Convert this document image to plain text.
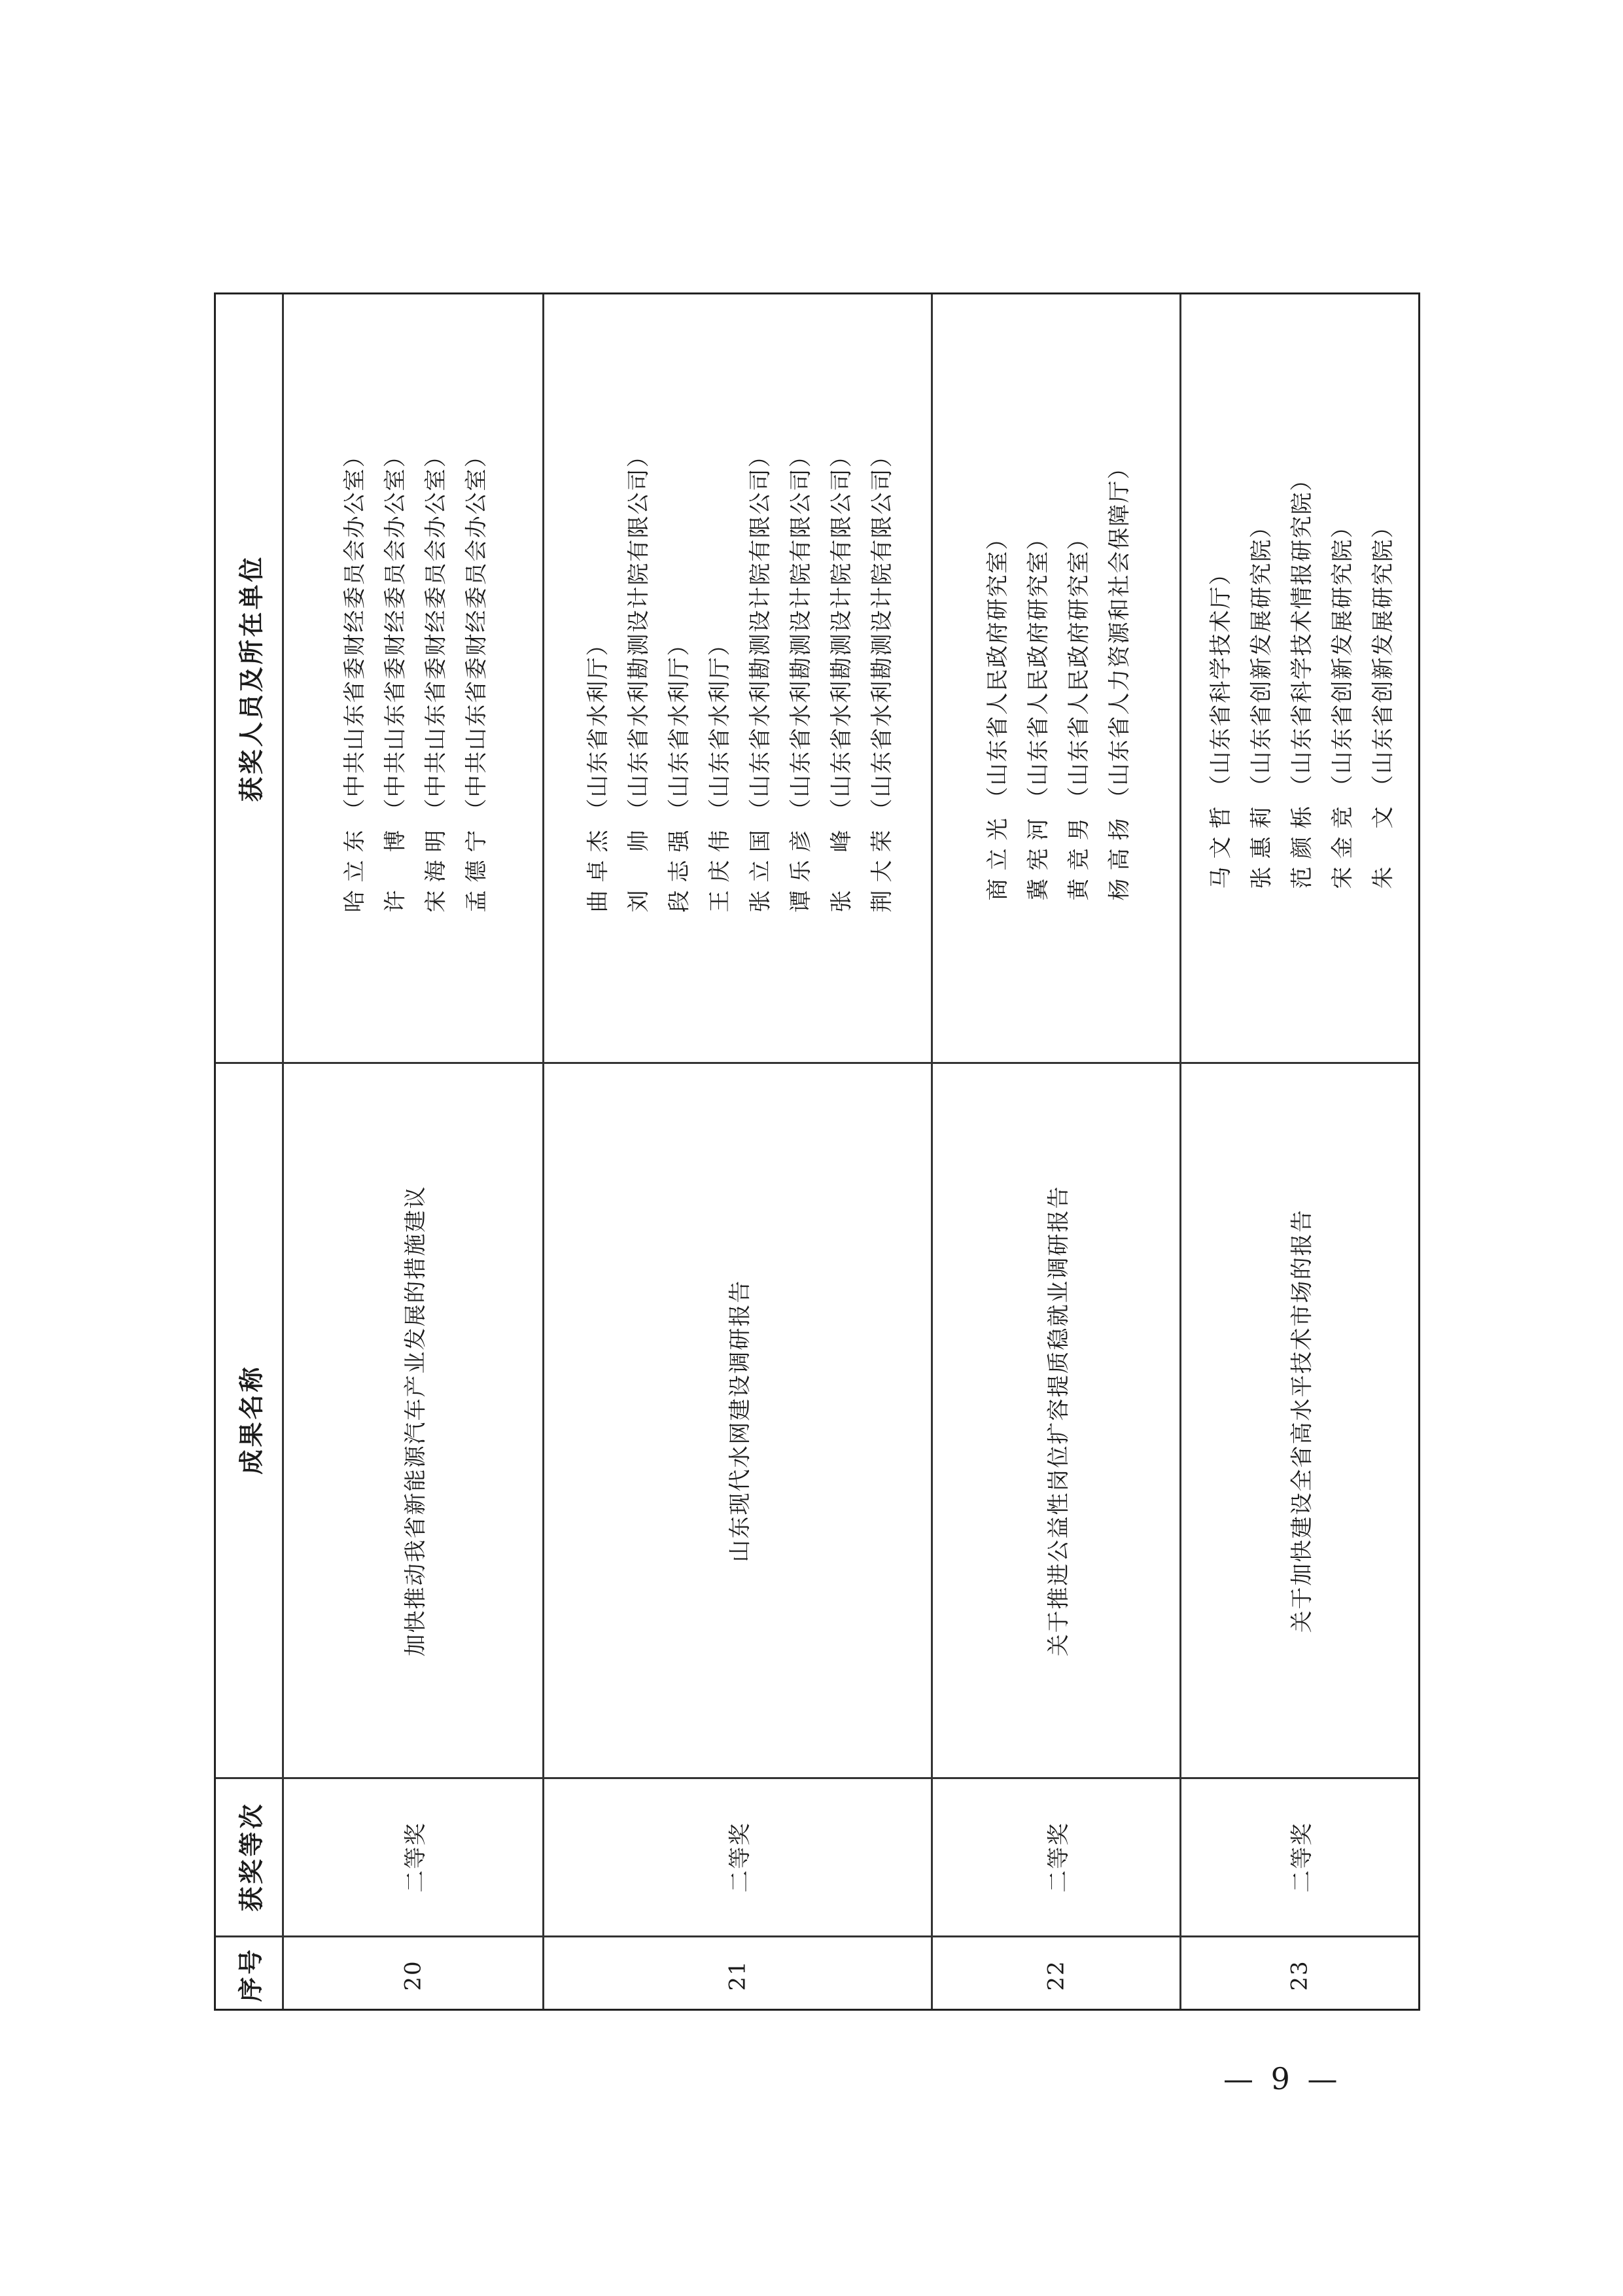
获奖人员及所在单位
成果名称
获奖等次
序号
哈立东
（中共山东省委财经委员会办公室）
许 博
（中共山东省委财经委员会办公室）
宋海明
（中共山东省委财经委员会办公室）
孟德宁
（中共山东省委财经委员会办公室）
加快推动我省新能源汽车产业发展的措施建议
二等奖
20
曲卓杰
（山东省水利厅）
刘 帅
（山东省水利勘测设计院有限公司）
段志强
（山东省水利厅）
王庆伟
（山东省水利厅）
张立国
（山东省水利勘测设计院有限公司）
谭乐彦
（山东省水利勘测设计院有限公司）
张 峰
（山东省水利勘测设计院有限公司）
荆大荣
（山东省水利勘测设计院有限公司）
山东现代水网建设调研报告
二等奖
21
商立光
（山东省人民政府研究室）
冀宪河
（山东省人民政府研究室）
黄竞男
（山东省人民政府研究室）
杨高扬
（山东省人力资源和社会保障厅）
关于推进公益性岗位扩容提质稳就业调研报告
二等奖
22
马文哲
（山东省科学技术厅）
张惠莉
（山东省创新发展研究院）
范颜栎
（山东省科学技术情报研究院）
宋金竞
（山东省创新发展研究院）
朱 文
（山东省创新发展研究院）
关于加快建设全省高水平技术市场的报告
二等奖
23
— 9 —
